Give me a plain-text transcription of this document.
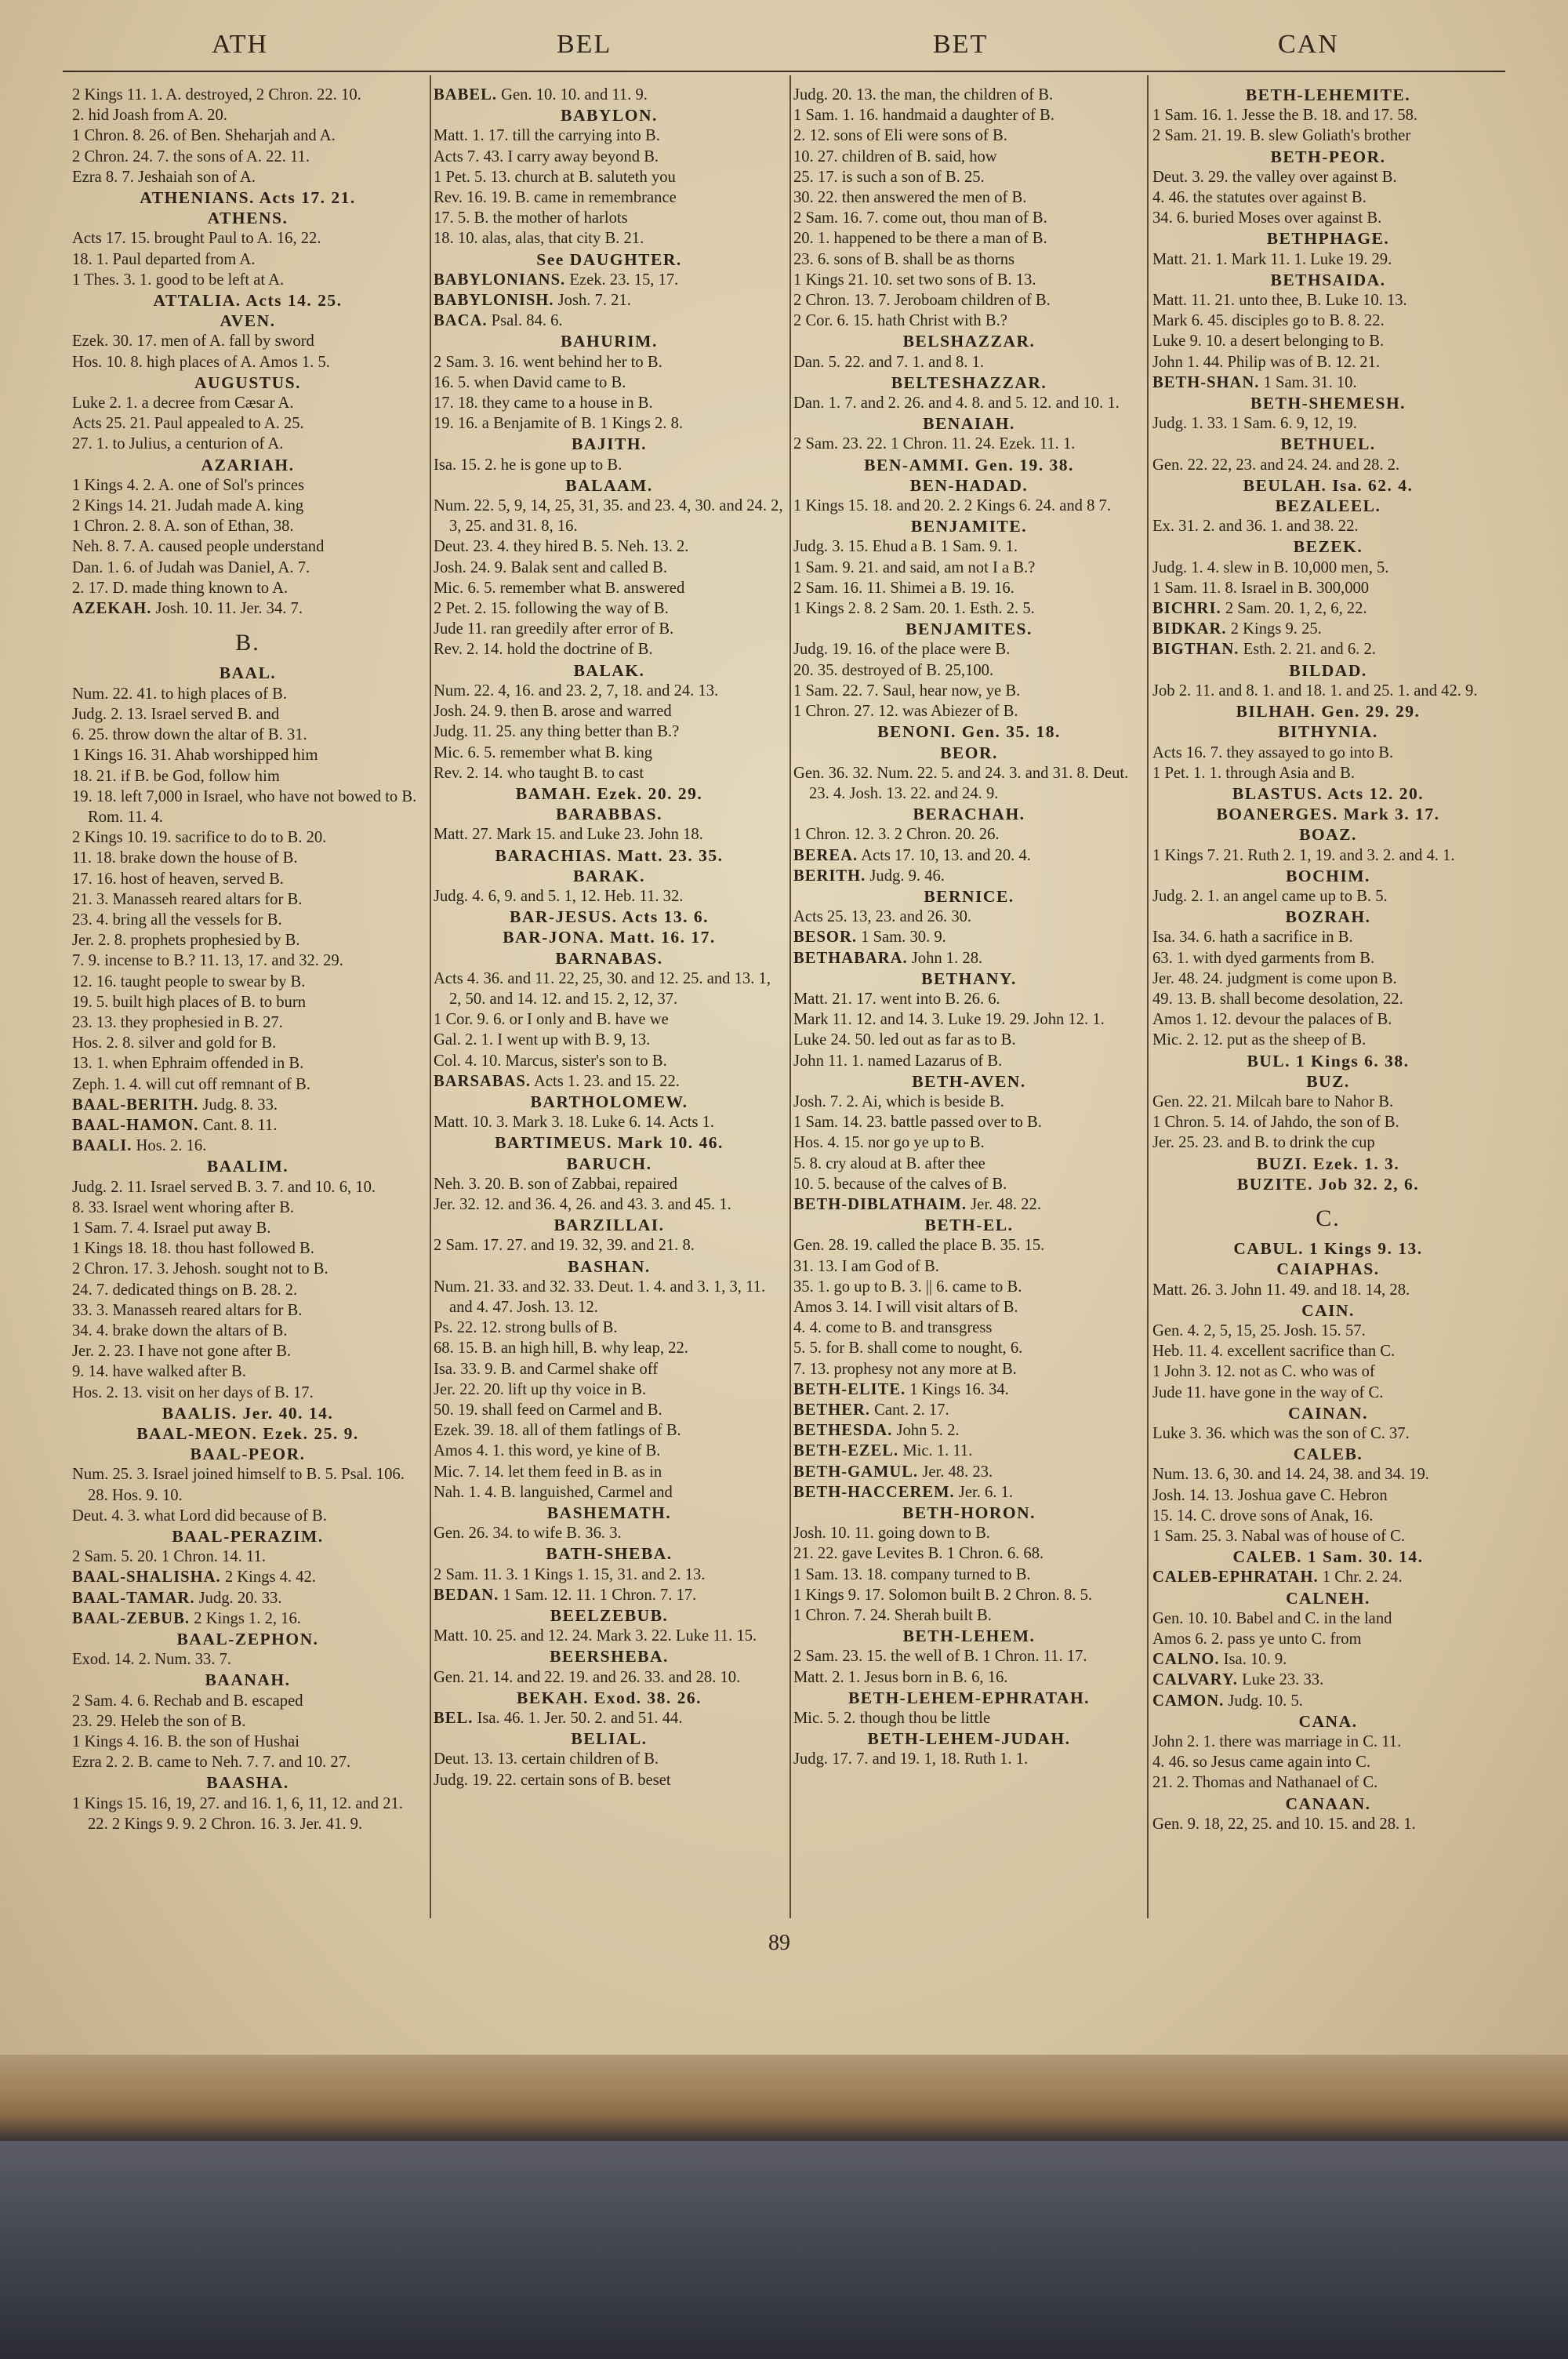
ATH	BEL	BET	CAN

2 Kings 11. 1. A. destroyed, 2 Chron. 22. 10.

2. hid Joash from A. 20.

1 Chron. 8. 26. of Ben. Sheharjah and A.

2 Chron. 24. 7. the sons of A. 22. 11.

Ezra 8. 7. Jeshaiah son of A.

ATHENIANS. Acts 17. 21.

ATHENS.

Acts 17. 15. brought Paul to A. 16, 22.

18. 1. Paul departed from A.

1 Thes. 3. 1. good to be left at A.

ATTALIA. Acts 14. 25.

AVEN.

Ezek. 30. 17. men of A. fall by sword

Hos. 10. 8. high places of A. Amos 1. 5.

AUGUSTUS.

Luke 2. 1. a decree from Cæsar A.

Acts 25. 21. Paul appealed to A. 25.

27. 1. to Julius, a centurion of A.

AZARIAH.

1 Kings 4. 2. A. one of Sol's princes

2 Kings 14. 21. Judah made A. king

1 Chron. 2. 8. A. son of Ethan, 38.

Neh. 8. 7. A. caused people understand

Dan. 1. 6. of Judah was Daniel, A. 7.

2. 17. D. made thing known to A.

AZEKAH. Josh. 10. 11. Jer. 34. 7.

B.

BAAL.

Num. 22. 41. to high places of B.

Judg. 2. 13. Israel served B. and

6. 25. throw down the altar of B. 31.

1 Kings 16. 31. Ahab worshipped him

18. 21. if B. be God, follow him

19. 18. left 7,000 in Israel, who have not bowed to B. Rom. 11. 4.

2 Kings 10. 19. sacrifice to do to B. 20.

11. 18. brake down the house of B.

17. 16. host of heaven, served B.

21. 3. Manasseh reared altars for B.

23. 4. bring all the vessels for B.

Jer. 2. 8. prophets prophesied by B.

7. 9. incense to B.? 11. 13, 17. and 32. 29.

12. 16. taught people to swear by B.

19. 5. built high places of B. to burn

23. 13. they prophesied in B. 27.

Hos. 2. 8. silver and gold for B.

13. 1. when Ephraim offended in B.

Zeph. 1. 4. will cut off remnant of B.

BAAL-BERITH. Judg. 8. 33.

BAAL-HAMON. Cant. 8. 11.

BAALI. Hos. 2. 16.

BAALIM.

Judg. 2. 11. Israel served B. 3. 7. and 10. 6, 10.

8. 33. Israel went whoring after B.

1 Sam. 7. 4. Israel put away B.

1 Kings 18. 18. thou hast followed B.

2 Chron. 17. 3. Jehosh. sought not to B.

24. 7. dedicated things on B. 28. 2.

33. 3. Manasseh reared altars for B.

34. 4. brake down the altars of B.

Jer. 2. 23. I have not gone after B.

9. 14. have walked after B.

Hos. 2. 13. visit on her days of B. 17.

BAALIS. Jer. 40. 14.

BAAL-MEON. Ezek. 25. 9.

BAAL-PEOR.

Num. 25. 3. Israel joined himself to B. 5. Psal. 106. 28. Hos. 9. 10.

Deut. 4. 3. what Lord did because of B.

BAAL-PERAZIM.

2 Sam. 5. 20. 1 Chron. 14. 11.

BAAL-SHALISHA. 2 Kings 4. 42.

BAAL-TAMAR. Judg. 20. 33.

BAAL-ZEBUB. 2 Kings 1. 2, 16.

BAAL-ZEPHON.

Exod. 14. 2. Num. 33. 7.

BAANAH.

2 Sam. 4. 6. Rechab and B. escaped

23. 29. Heleb the son of B.

1 Kings 4. 16. B. the son of Hushai

Ezra 2. 2. B. came to Neh. 7. 7. and 10. 27.

BAASHA.

1 Kings 15. 16, 19, 27. and 16. 1, 6, 11, 12. and 21. 22. 2 Kings 9. 9. 2 Chron. 16. 3. Jer. 41. 9.

BABEL. Gen. 10. 10. and 11. 9.

BABYLON.

Matt. 1. 17. till the carrying into B.

Acts 7. 43. I carry away beyond B.

1 Pet. 5. 13. church at B. saluteth you

Rev. 16. 19. B. came in remembrance

17. 5. B. the mother of harlots

18. 10. alas, alas, that city B. 21.

See DAUGHTER.

BABYLONIANS. Ezek. 23. 15, 17.

BABYLONISH. Josh. 7. 21.

BACA. Psal. 84. 6.

BAHURIM.

2 Sam. 3. 16. went behind her to B.

16. 5. when David came to B.

17. 18. they came to a house in B.

19. 16. a Benjamite of B. 1 Kings 2. 8.

BAJITH.

Isa. 15. 2. he is gone up to B.

BALAAM.

Num. 22. 5, 9, 14, 25, 31, 35. and 23. 4, 30. and 24. 2, 3, 25. and 31. 8, 16.

Deut. 23. 4. they hired B. 5. Neh. 13. 2.

Josh. 24. 9. Balak sent and called B.

Mic. 6. 5. remember what B. answered

2 Pet. 2. 15. following the way of B.

Jude 11. ran greedily after error of B.

Rev. 2. 14. hold the doctrine of B.

BALAK.

Num. 22. 4, 16. and 23. 2, 7, 18. and 24. 13.

Josh. 24. 9. then B. arose and warred

Judg. 11. 25. any thing better than B.?

Mic. 6. 5. remember what B. king

Rev. 2. 14. who taught B. to cast

BAMAH. Ezek. 20. 29.

BARABBAS.

Matt. 27. Mark 15. and Luke 23. John 18.

BARACHIAS. Matt. 23. 35.

BARAK.

Judg. 4. 6, 9. and 5. 1, 12. Heb. 11. 32.

BAR-JESUS. Acts 13. 6.

BAR-JONA. Matt. 16. 17.

BARNABAS.

Acts 4. 36. and 11. 22, 25, 30. and 12. 25. and 13. 1, 2, 50. and 14. 12. and 15. 2, 12, 37.

1 Cor. 9. 6. or I only and B. have we

Gal. 2. 1. I went up with B. 9, 13.

Col. 4. 10. Marcus, sister's son to B.

BARSABAS. Acts 1. 23. and 15. 22.

BARTHOLOMEW.

Matt. 10. 3. Mark 3. 18. Luke 6. 14. Acts 1.

BARTIMEUS. Mark 10. 46.

BARUCH.

Neh. 3. 20. B. son of Zabbai, repaired

Jer. 32. 12. and 36. 4, 26. and 43. 3. and 45. 1.

BARZILLAI.

2 Sam. 17. 27. and 19. 32, 39. and 21. 8.

BASHAN.

Num. 21. 33. and 32. 33. Deut. 1. 4. and 3. 1, 3, 11. and 4. 47. Josh. 13. 12.

Ps. 22. 12. strong bulls of B.

68. 15. B. an high hill, B. why leap, 22.

Isa. 33. 9. B. and Carmel shake off

Jer. 22. 20. lift up thy voice in B.

50. 19. shall feed on Carmel and B.

Ezek. 39. 18. all of them fatlings of B.

Amos 4. 1. this word, ye kine of B.

Mic. 7. 14. let them feed in B. as in

Nah. 1. 4. B. languished, Carmel and

BASHEMATH.

Gen. 26. 34. to wife B. 36. 3.

BATH-SHEBA.

2 Sam. 11. 3. 1 Kings 1. 15, 31. and 2. 13.

BEDAN. 1 Sam. 12. 11. 1 Chron. 7. 17.

BEELZEBUB.

Matt. 10. 25. and 12. 24. Mark 3. 22. Luke 11. 15.

BEERSHEBA.

Gen. 21. 14. and 22. 19. and 26. 33. and 28. 10.

BEKAH. Exod. 38. 26.

BEL. Isa. 46. 1. Jer. 50. 2. and 51. 44.

BELIAL.

Deut. 13. 13. certain children of B.

Judg. 19. 22. certain sons of B. beset

Judg. 20. 13. the man, the children of B.

1 Sam. 1. 16. handmaid a daughter of B.

2. 12. sons of Eli were sons of B.

10. 27. children of B. said, how

25. 17. is such a son of B. 25.

30. 22. then answered the men of B.

2 Sam. 16. 7. come out, thou man of B.

20. 1. happened to be there a man of B.

23. 6. sons of B. shall be as thorns

1 Kings 21. 10. set two sons of B. 13.

2 Chron. 13. 7. Jeroboam children of B.

2 Cor. 6. 15. hath Christ with B.?

BELSHAZZAR.

Dan. 5. 22. and 7. 1. and 8. 1.

BELTESHAZZAR.

Dan. 1. 7. and 2. 26. and 4. 8. and 5. 12. and 10. 1.

BENAIAH.

2 Sam. 23. 22. 1 Chron. 11. 24. Ezek. 11. 1.

BEN-AMMI. Gen. 19. 38.

BEN-HADAD.

1 Kings 15. 18. and 20. 2. 2 Kings 6. 24. and 8 7.

BENJAMITE.

Judg. 3. 15. Ehud a B. 1 Sam. 9. 1.

1 Sam. 9. 21. and said, am not I a B.?

2 Sam. 16. 11. Shimei a B. 19. 16.

1 Kings 2. 8. 2 Sam. 20. 1. Esth. 2. 5.

BENJAMITES.

Judg. 19. 16. of the place were B.

20. 35. destroyed of B. 25,100.

1 Sam. 22. 7. Saul, hear now, ye B.

1 Chron. 27. 12. was Abiezer of B.

BENONI. Gen. 35. 18.

BEOR.

Gen. 36. 32. Num. 22. 5. and 24. 3. and 31. 8. Deut. 23. 4. Josh. 13. 22. and 24. 9.

BERACHAH.

1 Chron. 12. 3. 2 Chron. 20. 26.

BEREA. Acts 17. 10, 13. and 20. 4.

BERITH. Judg. 9. 46.

BERNICE.

Acts 25. 13, 23. and 26. 30.

BESOR. 1 Sam. 30. 9.

BETHABARA. John 1. 28.

BETHANY.

Matt. 21. 17. went into B. 26. 6.

Mark 11. 12. and 14. 3. Luke 19. 29. John 12. 1.

Luke 24. 50. led out as far as to B.

John 11. 1. named Lazarus of B.

BETH-AVEN.

Josh. 7. 2. Ai, which is beside B.

1 Sam. 14. 23. battle passed over to B.

Hos. 4. 15. nor go ye up to B.

5. 8. cry aloud at B. after thee

10. 5. because of the calves of B.

BETH-DIBLATHAIM. Jer. 48. 22.

BETH-EL.

Gen. 28. 19. called the place B. 35. 15.

31. 13. I am God of B.

35. 1. go up to B. 3. || 6. came to B.

Amos 3. 14. I will visit altars of B.

4. 4. come to B. and transgress

5. 5. for B. shall come to nought, 6.

7. 13. prophesy not any more at B.

BETH-ELITE. 1 Kings 16. 34.

BETHER. Cant. 2. 17.

BETHESDA. John 5. 2.

BETH-EZEL. Mic. 1. 11.

BETH-GAMUL. Jer. 48. 23.

BETH-HACCEREM. Jer. 6. 1.

BETH-HORON.

Josh. 10. 11. going down to B.

21. 22. gave Levites B. 1 Chron. 6. 68.

1 Sam. 13. 18. company turned to B.

1 Kings 9. 17. Solomon built B. 2 Chron. 8. 5.

1 Chron. 7. 24. Sherah built B.

BETH-LEHEM.

2 Sam. 23. 15. the well of B. 1 Chron. 11. 17.

Matt. 2. 1. Jesus born in B. 6, 16.

BETH-LEHEM-EPHRATAH.

Mic. 5. 2. though thou be little

BETH-LEHEM-JUDAH.

Judg. 17. 7. and 19. 1, 18. Ruth 1. 1.

BETH-LEHEMITE.

1 Sam. 16. 1. Jesse the B. 18. and 17. 58.

2 Sam. 21. 19. B. slew Goliath's brother

BETH-PEOR.

Deut. 3. 29. the valley over against B.

4. 46. the statutes over against B.

34. 6. buried Moses over against B.

BETHPHAGE.

Matt. 21. 1. Mark 11. 1. Luke 19. 29.

BETHSAIDA.

Matt. 11. 21. unto thee, B. Luke 10. 13.

Mark 6. 45. disciples go to B. 8. 22.

Luke 9. 10. a desert belonging to B.

John 1. 44. Philip was of B. 12. 21.

BETH-SHAN. 1 Sam. 31. 10.

BETH-SHEMESH.

Judg. 1. 33. 1 Sam. 6. 9, 12, 19.

BETHUEL.

Gen. 22. 22, 23. and 24. 24. and 28. 2.

BEULAH. Isa. 62. 4.

BEZALEEL.

Ex. 31. 2. and 36. 1. and 38. 22.

BEZEK.

Judg. 1. 4. slew in B. 10,000 men, 5.

1 Sam. 11. 8. Israel in B. 300,000

BICHRI. 2 Sam. 20. 1, 2, 6, 22.

BIDKAR. 2 Kings 9. 25.

BIGTHAN. Esth. 2. 21. and 6. 2.

BILDAD.

Job 2. 11. and 8. 1. and 18. 1. and 25. 1. and 42. 9.

BILHAH. Gen. 29. 29.

BITHYNIA.

Acts 16. 7. they assayed to go into B.

1 Pet. 1. 1. through Asia and B.

BLASTUS. Acts 12. 20.

BOANERGES. Mark 3. 17.

BOAZ.

1 Kings 7. 21. Ruth 2. 1, 19. and 3. 2. and 4. 1.

BOCHIM.

Judg. 2. 1. an angel came up to B. 5.

BOZRAH.

Isa. 34. 6. hath a sacrifice in B.

63. 1. with dyed garments from B.

Jer. 48. 24. judgment is come upon B.

49. 13. B. shall become desolation, 22.

Amos 1. 12. devour the palaces of B.

Mic. 2. 12. put as the sheep of B.

BUL. 1 Kings 6. 38.

BUZ.

Gen. 22. 21. Milcah bare to Nahor B.

1 Chron. 5. 14. of Jahdo, the son of B.

Jer. 25. 23. and B. to drink the cup

BUZI. Ezek. 1. 3.

BUZITE. Job 32. 2, 6.

C.

CABUL. 1 Kings 9. 13.

CAIAPHAS.

Matt. 26. 3. John 11. 49. and 18. 14, 28.

CAIN.

Gen. 4. 2, 5, 15, 25. Josh. 15. 57.

Heb. 11. 4. excellent sacrifice than C.

1 John 3. 12. not as C. who was of

Jude 11. have gone in the way of C.

CAINAN.

Luke 3. 36. which was the son of C. 37.

CALEB.

Num. 13. 6, 30. and 14. 24, 38. and 34. 19.

Josh. 14. 13. Joshua gave C. Hebron

15. 14. C. drove sons of Anak, 16.

1 Sam. 25. 3. Nabal was of house of C.

CALEB. 1 Sam. 30. 14.

CALEB-EPHRATAH. 1 Chr. 2. 24.

CALNEH.

Gen. 10. 10. Babel and C. in the land

Amos 6. 2. pass ye unto C. from

CALNO. Isa. 10. 9.

CALVARY. Luke 23. 33.

CAMON. Judg. 10. 5.

CANA.

John 2. 1. there was marriage in C. 11.

4. 46. so Jesus came again into C.

21. 2. Thomas and Nathanael of C.

CANAAN.

Gen. 9. 18, 22, 25. and 10. 15. and 28. 1.

89
